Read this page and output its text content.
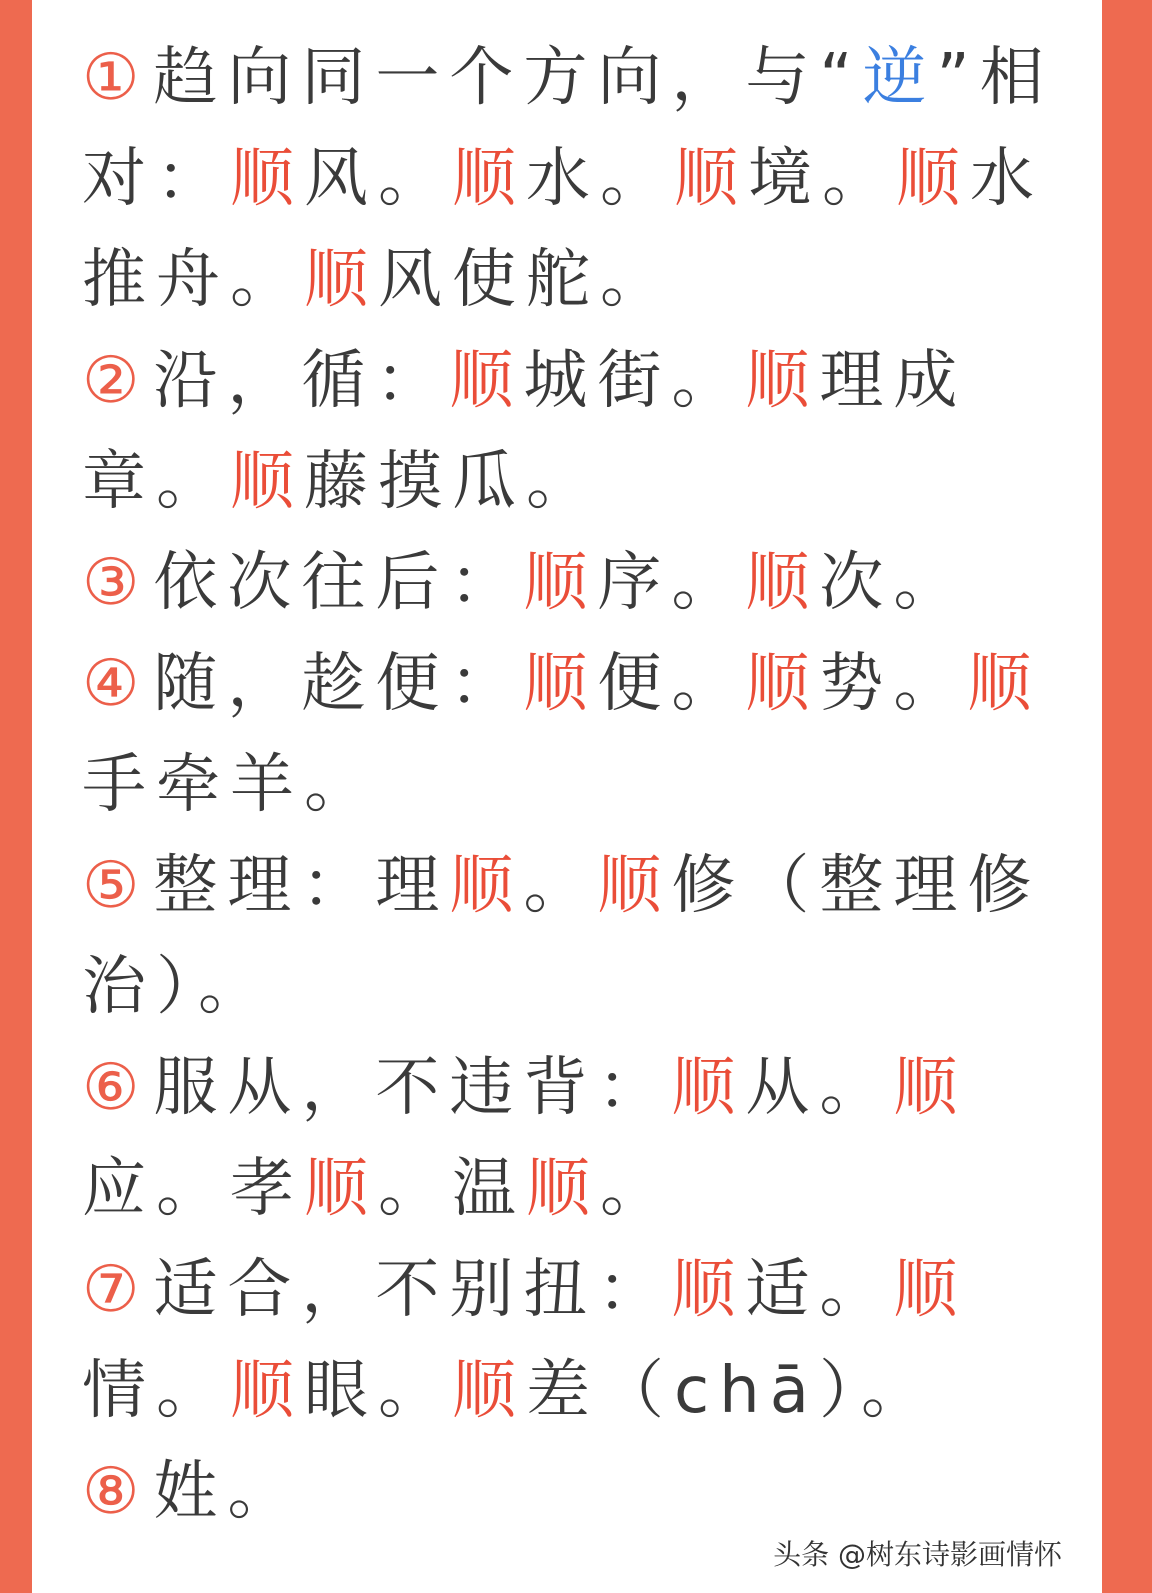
① 趋向同一个方向，与“逆”相
对：顺风。顺水。顺境。顺水
推舟。顺风使舵。
② 沿，循：顺城街。顺理成
章。顺藤摸瓜。
③ 依次往后：顺序。顺次。
④ 随，趁便：顺便。顺势。顺
手牵羊。
⑤ 整理：理顺。顺修（整理修
治）。
⑥ 服从，不违背：顺从。顺
应。孝顺。温顺。
⑦ 适合，不别扭：顺适。顺
情。顺眼。顺差（chā）。
⑧ 姓。
头条 @树东诗影画情怀
